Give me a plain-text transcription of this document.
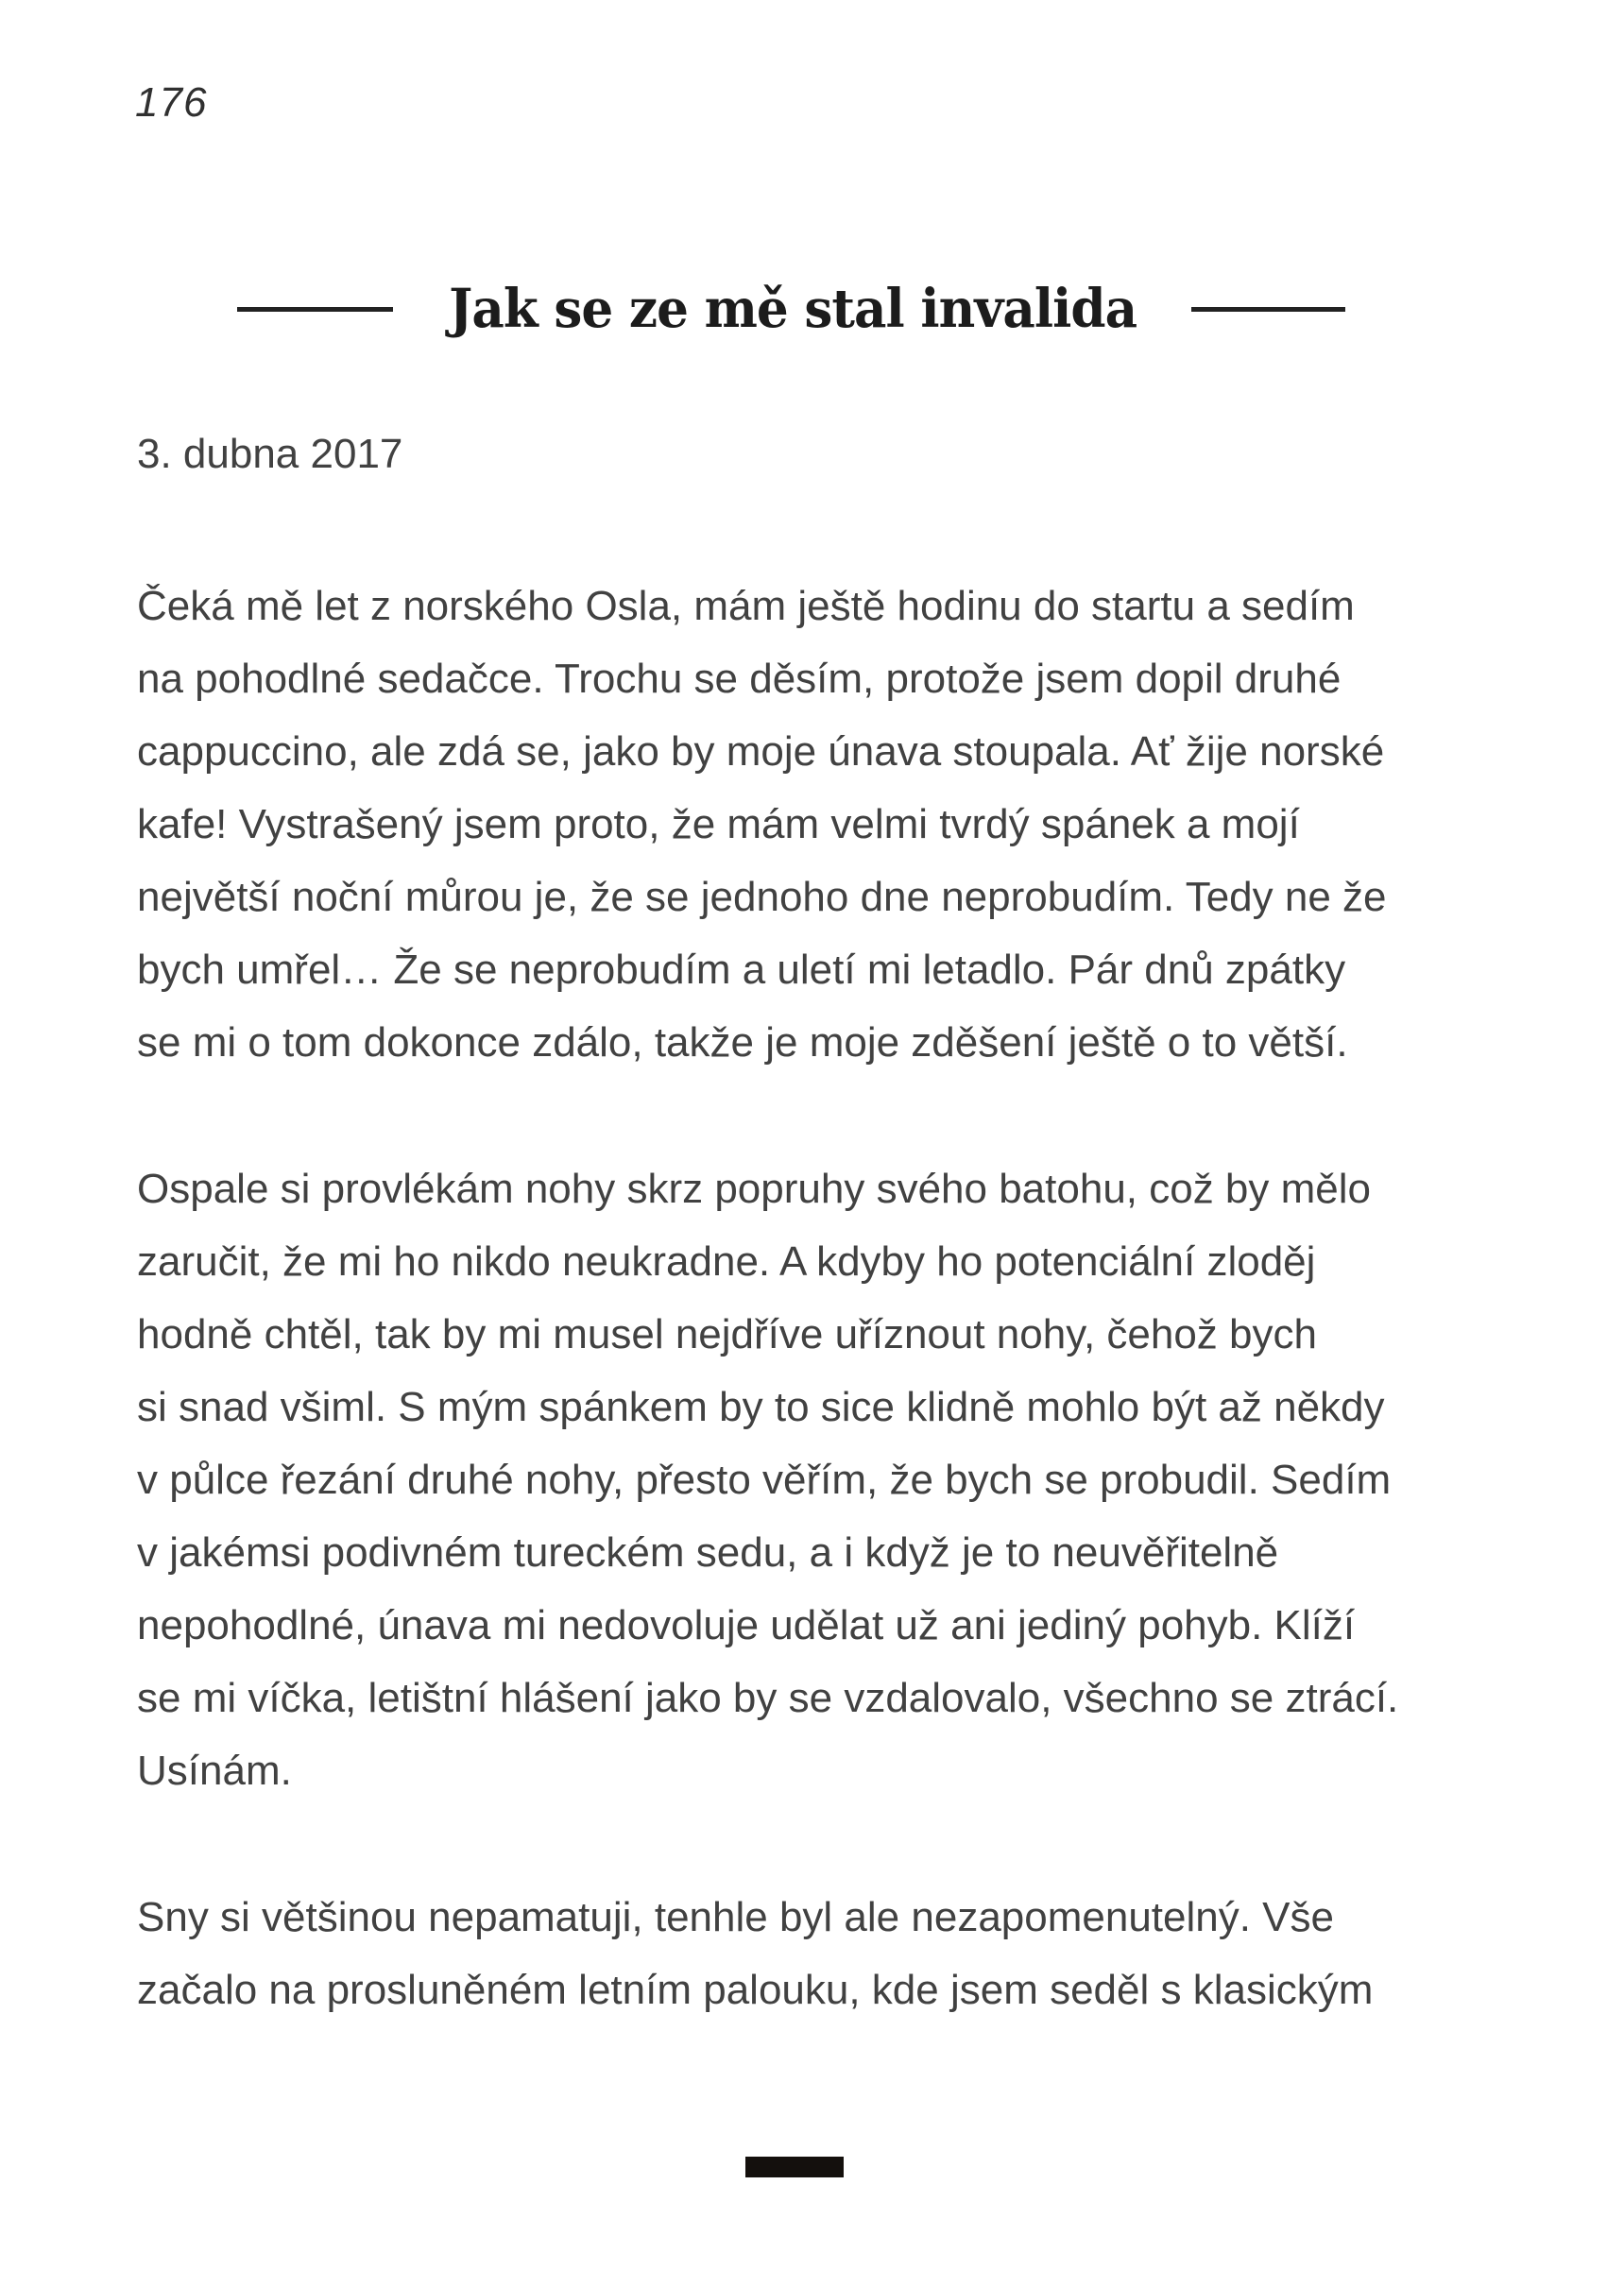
176
Jak se ze mě stal invalida
3. dubna 2017
Čeká mě let z norského Osla, mám ještě hodinu do startu a sedím
na pohodlné sedačce. Trochu se děsím, protože jsem dopil druhé
cappuccino, ale zdá se, jako by moje únava stoupala. Ať žije norské
kafe! Vystrašený jsem proto, že mám velmi tvrdý spánek a mojí
největší noční můrou je, že se jednoho dne neprobudím. Tedy ne že
bych umřel… Že se neprobudím a uletí mi letadlo. Pár dnů zpátky
se mi o tom dokonce zdálo, takže je moje zděšení ještě o to větší.
Ospale si provlékám nohy skrz popruhy svého batohu, což by mělo
zaručit, že mi ho nikdo neukradne. A kdyby ho potenciální zloděj
hodně chtěl, tak by mi musel nejdříve uříznout nohy, čehož bych
si snad všiml. S mým spánkem by to sice klidně mohlo být až někdy
v půlce řezání druhé nohy, přesto věřím, že bych se probudil. Sedím
v jakémsi podivném tureckém sedu, a i když je to neuvěřitelně
nepohodlné, únava mi nedovoluje udělat už ani jediný pohyb. Klíží
se mi víčka, letištní hlášení jako by se vzdalovalo, všechno se ztrácí.
Usínám.
Sny si většinou nepamatuji, tenhle byl ale nezapomenutelný. Vše
začalo na prosluněném letním palouku, kde jsem seděl s klasickým
